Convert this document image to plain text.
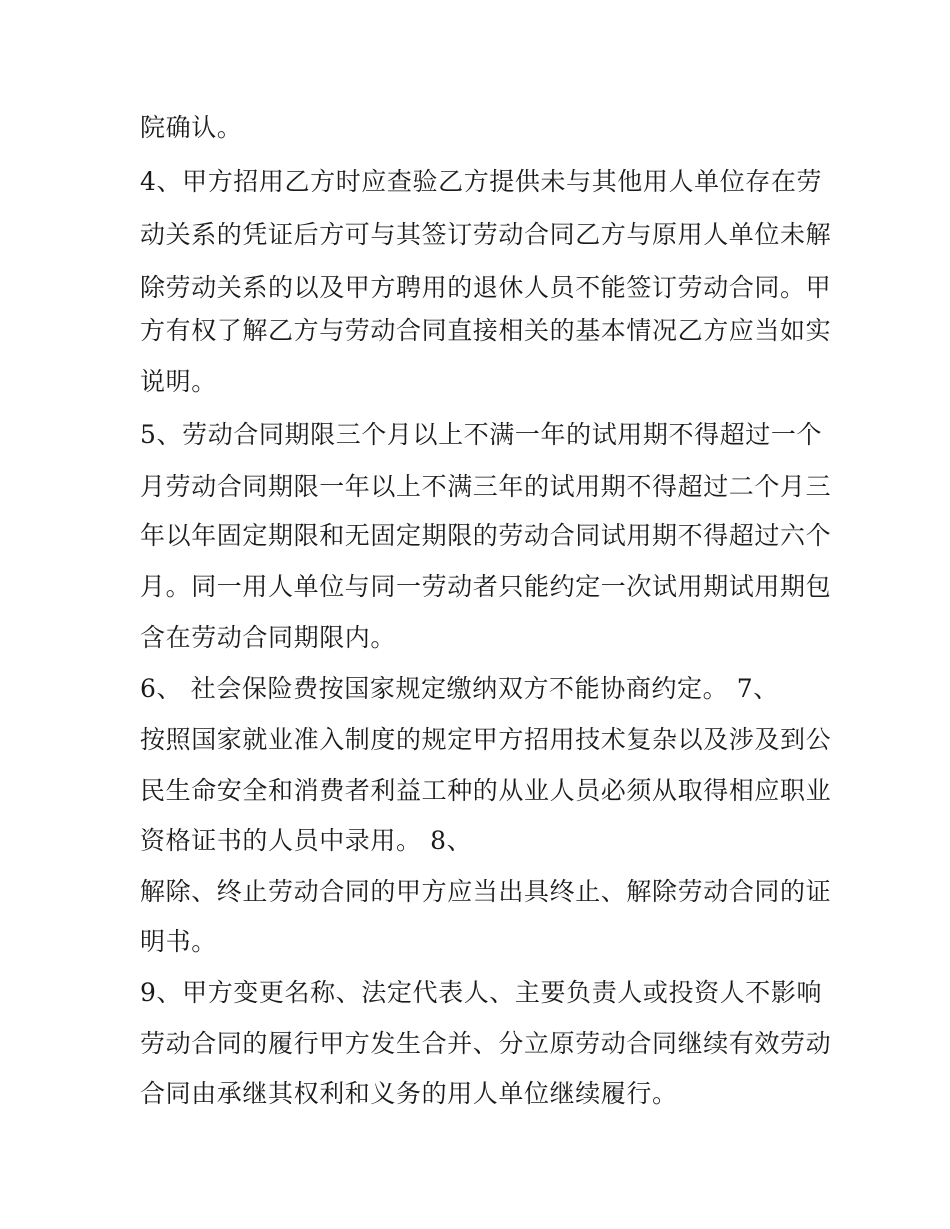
院确认。
4、甲方招用乙方时应查验乙方提供未与其他用人单位存在劳
动关系的凭证后方可与其签订劳动合同乙方与原用人单位未解
除劳动关系的以及甲方聘用的退休人员不能签订劳动合同。甲
方有权了解乙方与劳动合同直接相关的基本情况乙方应当如实
说明。
5、劳动合同期限三个月以上不满一年的试用期不得超过一个
月劳动合同期限一年以上不满三年的试用期不得超过二个月三
年以年固定期限和无固定期限的劳动合同试用期不得超过六个
月。同一用人单位与同一劳动者只能约定一次试用期试用期包
含在劳动合同期限内。
6、 社会保险费按国家规定缴纳双方不能协商约定。 7、
按照国家就业准入制度的规定甲方招用技术复杂以及涉及到公
民生命安全和消费者利益工种的从业人员必须从取得相应职业
资格证书的人员中录用。 8、
解除、终止劳动合同的甲方应当出具终止、解除劳动合同的证
明书。
9、甲方变更名称、法定代表人、主要负责人或投资人不影响
劳动合同的履行甲方发生合并、分立原劳动合同继续有效劳动
合同由承继其权利和义务的用人单位继续履行。
